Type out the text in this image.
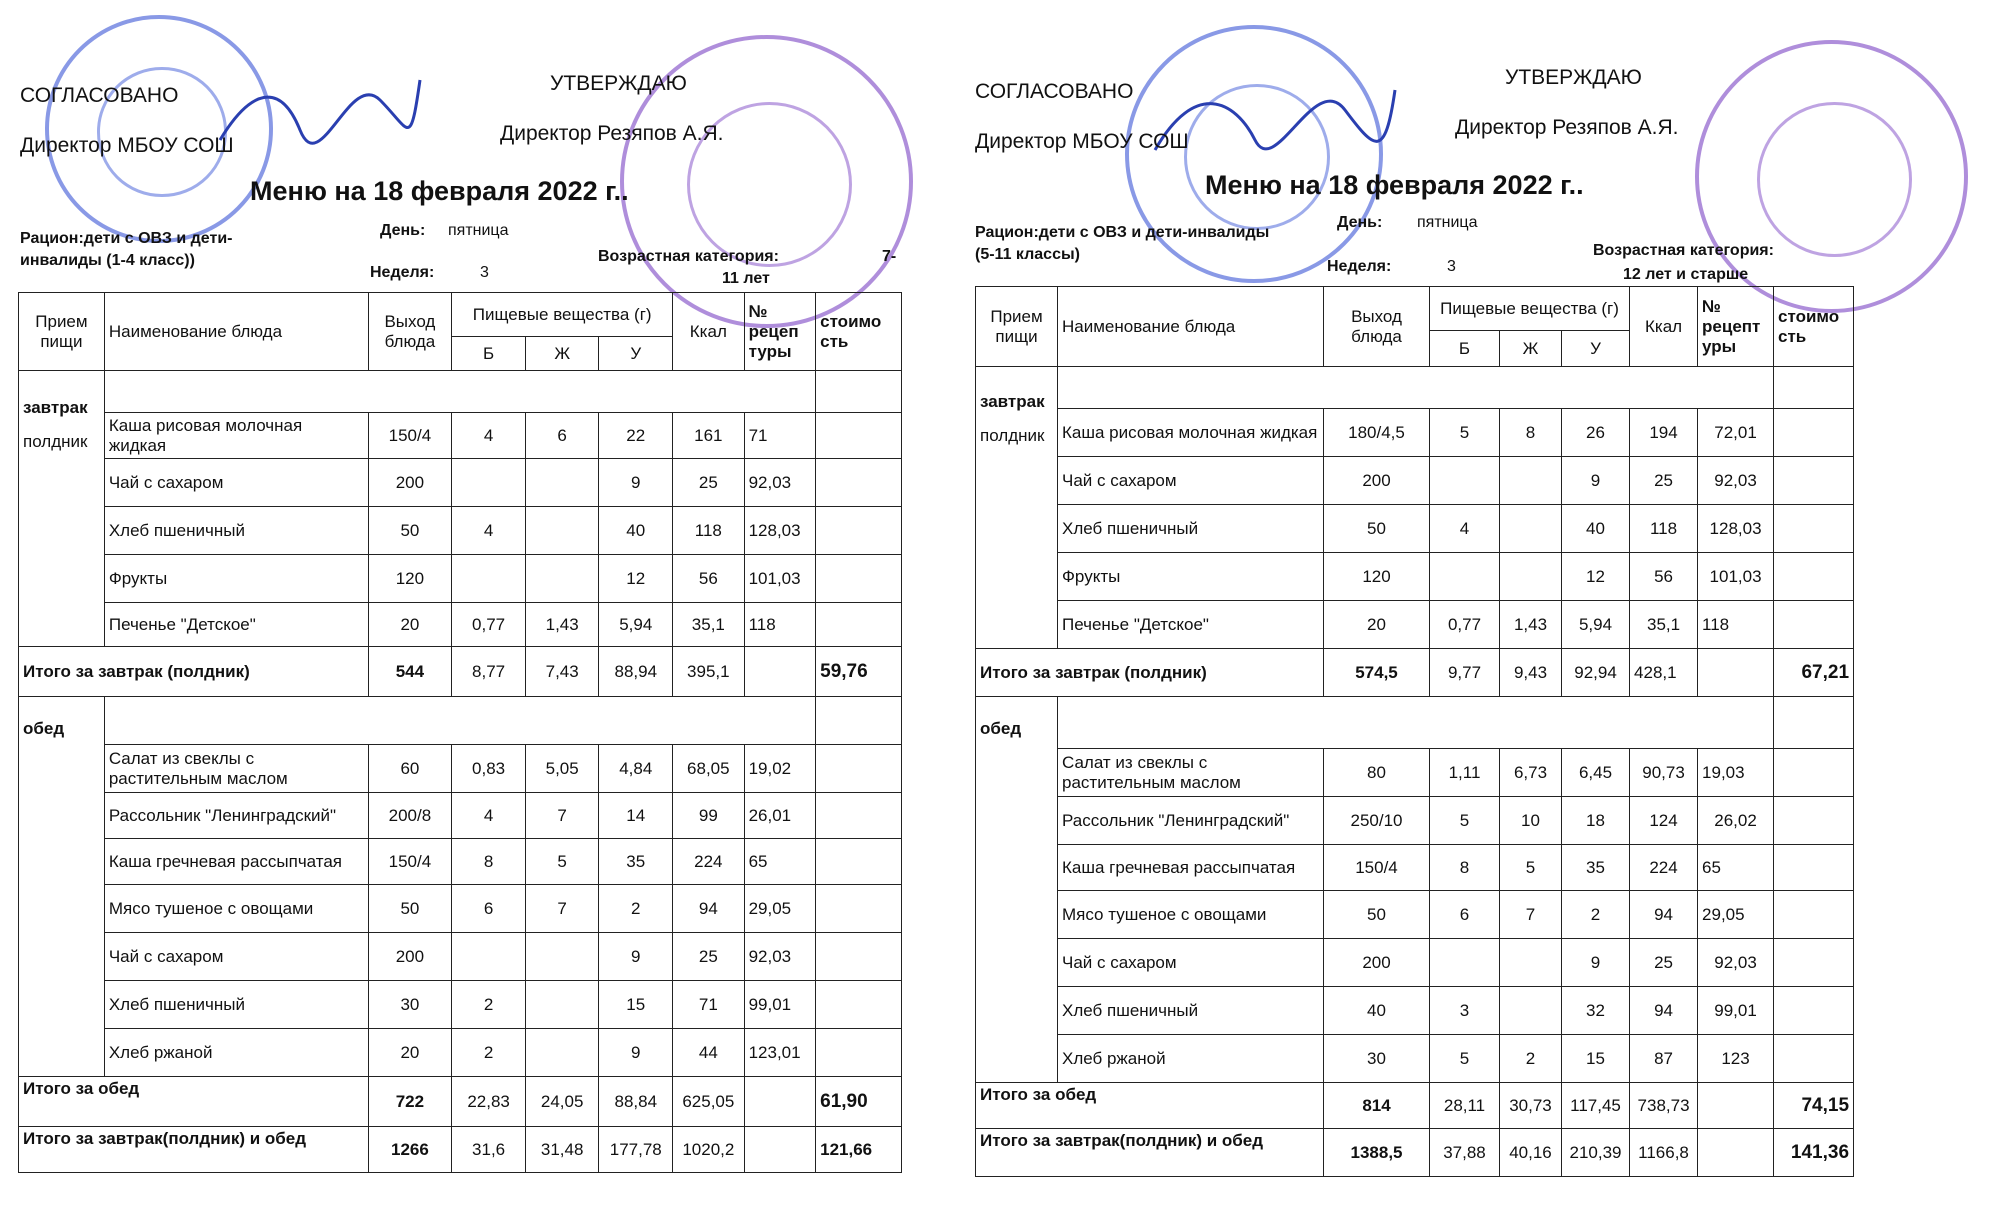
СОГЛАСОВАНО
Директор МБОУ СОШ
УТВЕРЖДАЮ
Директор Резяпов А.Я.
Меню на 18 февраля 2022 г..
Рацион:дети с ОВЗ и дети-инвалиды (1-4 класс))
День: пятница
Неделя:	3
Возрастная категория:	7-
11 лет
Прием пищи	Наименование блюда	Выход блюда	Пищевые вещества (г)			Ккал	№ рецеп туры	стоимо сть
			Б	Ж	У			
завтрак
полдник								
	Каша рисовая молочная жидкая	150/4	4	6	22	161	71	
	Чай с сахаром	200			9	25	92,03	
	Хлеб пшеничный	50	4		40	118	128,03	
	Фрукты	120			12	56	101,03	
	Печенье "Детское"	20	0,77	1,43	5,94	35,1	118	
Итого за завтрак (полдник)		544	8,77	7,43	88,94	395,1		59,76
обед								
	Салат из свеклы с растительным маслом	60	0,83	5,05	4,84	68,05	19,02	
	Рассольник "Ленинградский"	200/8	4	7	14	99	26,01	
	Каша гречневая рассыпчатая	150/4	8	5	35	224	65	
	Мясо тушеное с овощами	50	6	7	2	94	29,05	
	Чай с сахаром	200			9	25	92,03	
	Хлеб пшеничный	30	2		15	71	99,01	
	Хлеб ржаной	20	2		9	44	123,01	
Итого за обед		722	22,83	24,05	88,84	625,05		61,90
Итого за завтрак(полдник) и обед		1266	31,6	31,48	177,78	1020,2		121,66
СОГЛАСОВАНО
Директор МБОУ СОШ
УТВЕРЖДАЮ
Директор Резяпов А.Я.
Меню на 18 февраля 2022 г..
Рацион:дети с ОВЗ и дети-инвалиды (5-11 классы)
День: пятница
Неделя:	3
Возрастная категория:
12 лет и старше
Прием пищи	Наименование блюда	Выход блюда	Пищевые вещества (г)			Ккал	№ рецепт уры	стоимо сть
			Б	Ж	У			
завтрак
полдник								
	Каша рисовая молочная жидкая	180/4,5	5	8	26	194	72,01	
	Чай с сахаром	200			9	25	92,03	
	Хлеб пшеничный	50	4		40	118	128,03	
	Фрукты	120			12	56	101,03	
	Печенье "Детское"	20	0,77	1,43	5,94	35,1	118	
Итого за завтрак (полдник)		574,5	9,77	9,43	92,94	428,1		67,21
обед								
	Салат из свеклы с растительным маслом	80	1,11	6,73	6,45	90,73	19,03	
	Рассольник "Ленинградский"	250/10	5	10	18	124	26,02	
	Каша гречневая рассыпчатая	150/4	8	5	35	224	65	
	Мясо тушеное с овощами	50	6	7	2	94	29,05	
	Чай с сахаром	200			9	25	92,03	
	Хлеб пшеничный	40	3		32	94	99,01	
	Хлеб ржаной	30	5	2	15	87	123	
Итого за обед		814	28,11	30,73	117,45	738,73		74,15
Итого за завтрак(полдник) и обед		1388,5	37,88	40,16	210,39	1166,8		141,36
